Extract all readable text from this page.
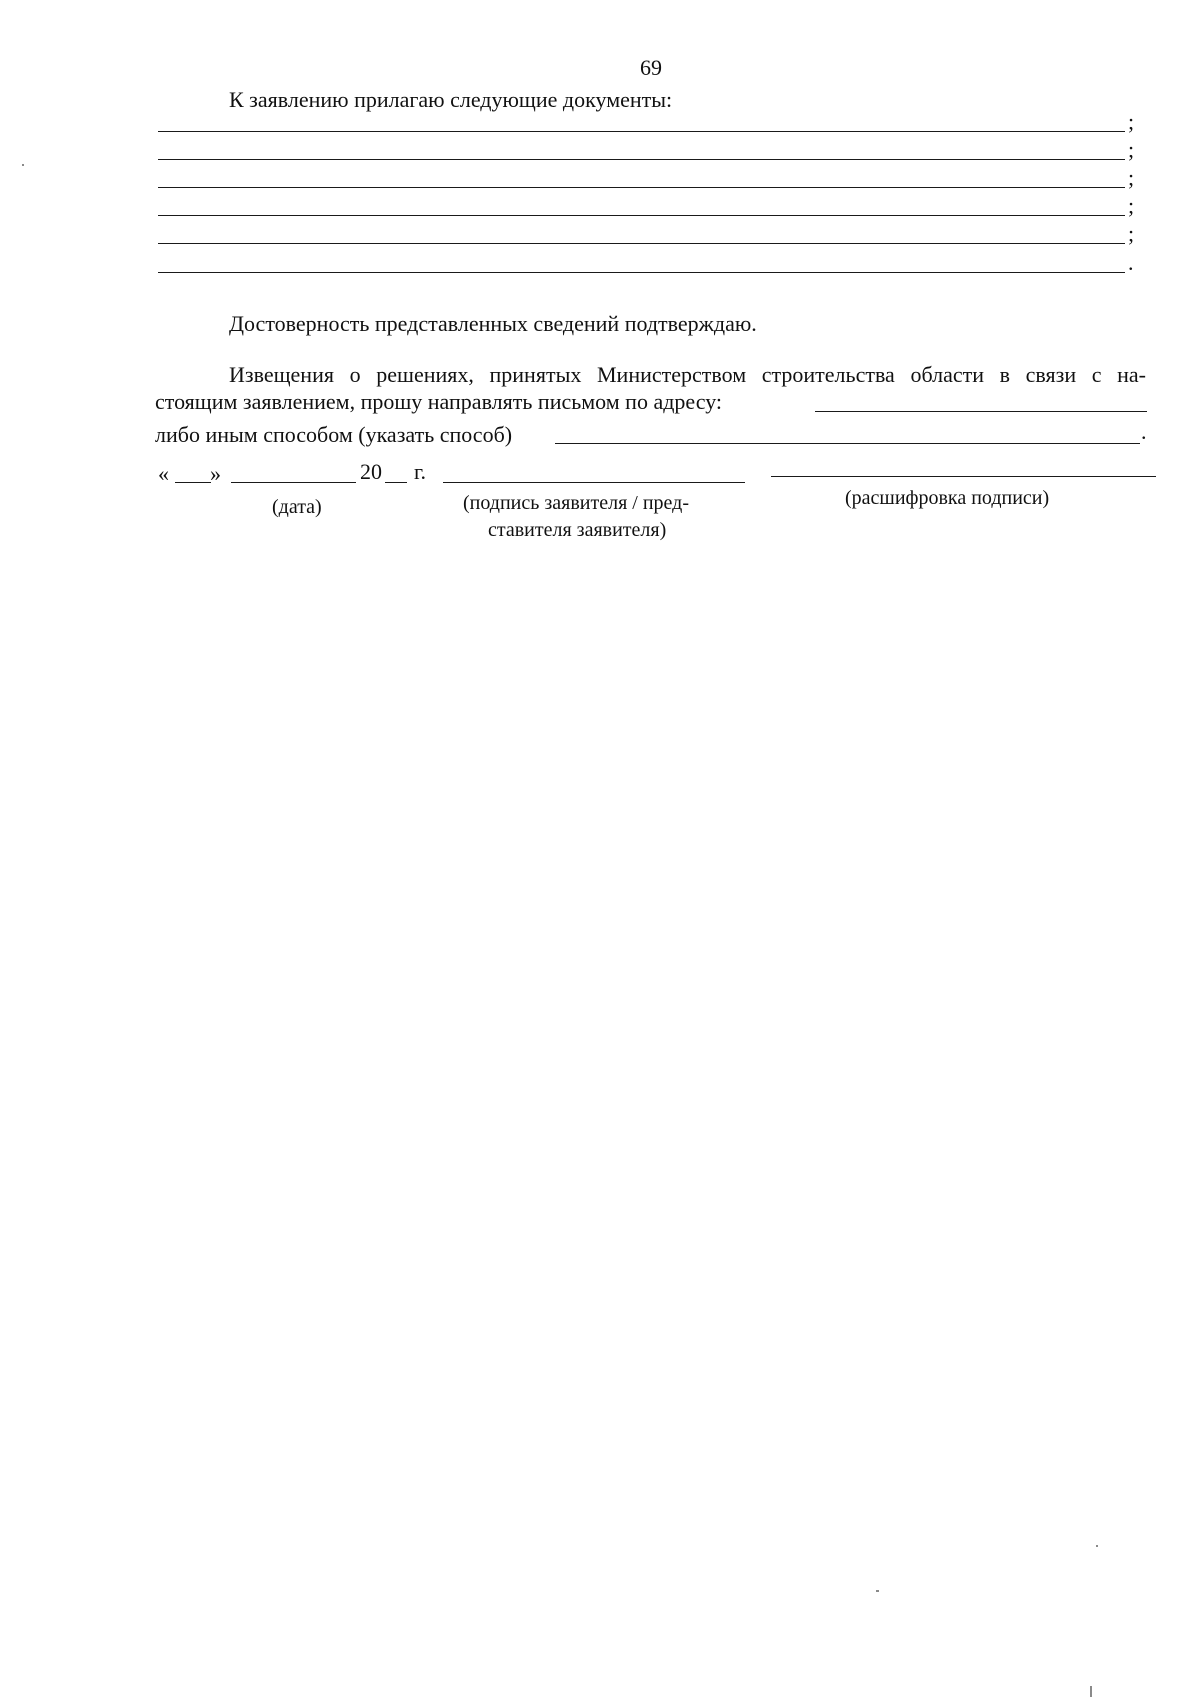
69
К заявлению прилагаю следующие документы:
;
;
;
;
;
.
Достоверность представленных сведений подтверждаю.
Извещения о решениях, принятых Министерством строительства области в связи с на-
стоящим заявлением, прошу направлять письмом по адресу:
либо иным способом (указать способ)	.
« »	20 г.
(дата)	(подпись заявителя / пред-
ставителя заявителя)
(расшифровка подписи)
